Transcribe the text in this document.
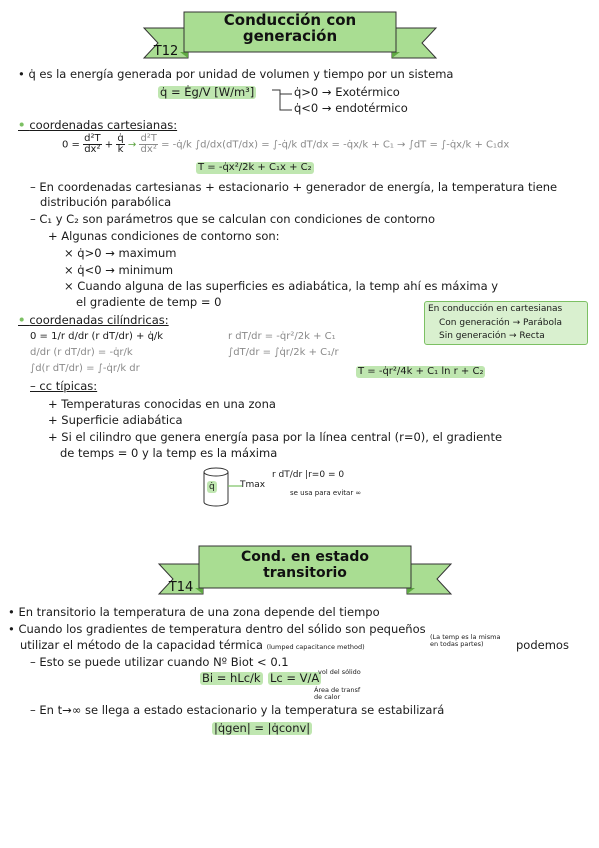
Conducción con
generación
T12
• q̇ es la energía generada por unidad de volumen y tiempo por un sistema
q̇ = Ėg/V [W/m³]	q̇>0 → Exotérmico
q̇<0 → endotérmico
• coordenadas cartesianas:
$0 = \frac{\text{d²T}}{\text{dx²}} + \frac{q̇}{k} \to \frac{\text{d²T}}{\text{dx²}}$ = -q̇/k ∫d/dx(dT/dx) = ∫-q̇/k dT/dx = -q̇x/k + C₁ → ∫dT = ∫-q̇x/k + C₁dx
T = -q̇x²/2k + C₁x + C₂
– En coordenadas cartesianas + estacionario + generador de energía, la temperatura tiene
distribución parabólica
– C₁ y C₂ son parámetros que se calculan con condiciones de contorno
+ Algunas condiciones de contorno son:
× q̇>0 → maximum
× q̇<0 → minimum
× Cuando alguna de las superficies es adiabática, la temp ahí es máxima y
el gradiente de temp = 0	En conducción en cartesianas
Con generación → Parábola
Sin generación → Recta
• coordenadas cilíndricas:
0 = 1/r d/dr (r dT/dr) + q̇/k
d/dr (r dT/dr) = -q̇r/k
∫d(r dT/dr) = ∫-q̇r/k dr
r dT/dr = -q̇r²/2k + C₁
∫dT/dr = ∫q̇r/2k + C₁/r
T = -q̇r²/4k + C₁ ln r + C₂
– cc típicas:
+ Temperaturas conocidas en una zona
+ Superficie adiabática
+ Si el cilindro que genera energía pasa por la línea central (r=0), el gradiente
de temps = 0 y la temp es la máxima
q̇	Tmax
r dT/dr |r=0 = 0
se usa para evitar ∞
Cond. en estado
transitorio
T14
• En transitorio la temperatura de una zona depende del tiempo
• Cuando los gradientes de temperatura dentro del sólido son pequeños
(La temp es la misma en todas partes)
utilizar el método de la capacidad térmica (lumped capacitance method)	podemos
– Esto se puede utilizar cuando Nº Biot < 0.1
Bi = hLc/k Lc = V/A
vol del sólido
Área de transf de calor
– En t→∞ se llega a estado estacionario y la temperatura se estabilizará
|q̇gen| = |q̇conv|
